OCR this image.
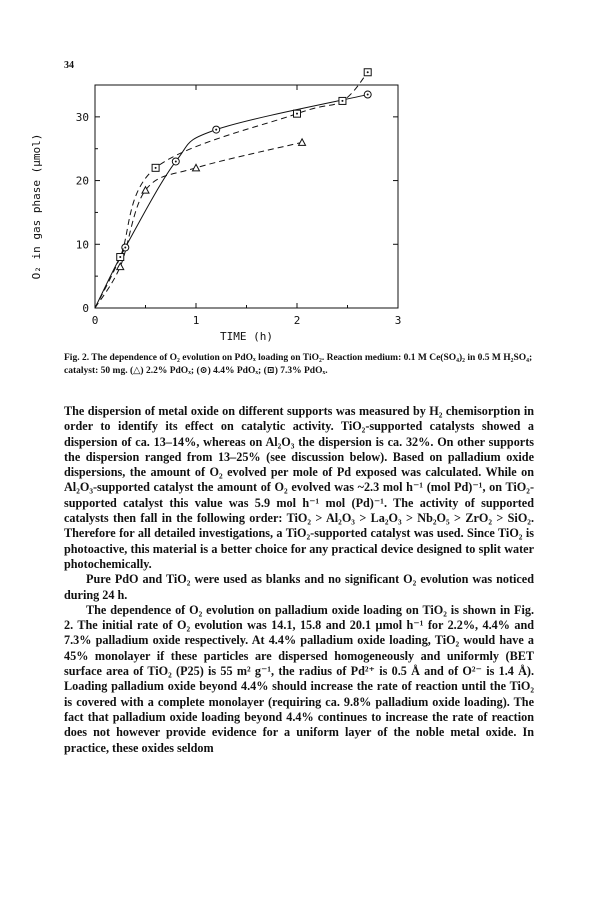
34
0	1	2	3
0
10
20
30
TIME (h)
O₂ in gas phase (μmol)
Fig. 2. The dependence of O₂ evolution on PdOₓ loading on TiO₂. Reaction medium: 0.1 M Ce(SO₄)₂ in 0.5 M H₂SO₄; catalyst: 50 mg. (△) 2.2% PdOₓ; (⊙) 4.4% PdOₓ; (⊡) 7.3% PdOₓ.

The dispersion of metal oxide on different supports was measured by H₂ chemisorption in order to identify its effect on catalytic activity. TiO₂-supported catalysts showed a dispersion of ca. 13–14%, whereas on Al₂O₃ the dispersion is ca. 32%. On other supports the dispersion ranged from 13–25% (see discussion below). Based on palladium oxide dispersions, the amount of O₂ evolved per mole of Pd exposed was calculated. While on Al₂O₃-supported catalyst the amount of O₂ evolved was ~2.3 mol h⁻¹ (mol Pd)⁻¹, on TiO₂-supported catalyst this value was 5.9 mol h⁻¹ mol (Pd)⁻¹. The activity of supported catalysts then fall in the following order: TiO₂ > Al₂O₃ > La₂O₃ > Nb₂O₅ > ZrO₂ > SiO₂. Therefore for all detailed investigations, a TiO₂-supported catalyst was used. Since TiO₂ is photoactive, this material is a better choice for any practical device designed to split water photochemically.

Pure PdO and TiO₂ were used as blanks and no significant O₂ evolution was noticed during 24 h.

The dependence of O₂ evolution on palladium oxide loading on TiO₂ is shown in Fig. 2. The initial rate of O₂ evolution was 14.1, 15.8 and 20.1 μmol h⁻¹ for 2.2%, 4.4% and 7.3% palladium oxide respectively. At 4.4% palladium oxide loading, TiO₂ would have a 45% monolayer if these particles are dispersed homogeneously and uniformly (BET surface area of TiO₂ (P25) is 55 m² g⁻¹, the radius of Pd²⁺ is 0.5 Å and of O²⁻ is 1.4 Å). Loading palladium oxide beyond 4.4% should increase the rate of reaction until the TiO₂ is covered with a complete monolayer (requiring ca. 9.8% palladium oxide loading). The fact that palladium oxide loading beyond 4.4% continues to increase the rate of reaction does not however provide evidence for a uniform layer of the noble metal oxide. In practice, these oxides seldom
